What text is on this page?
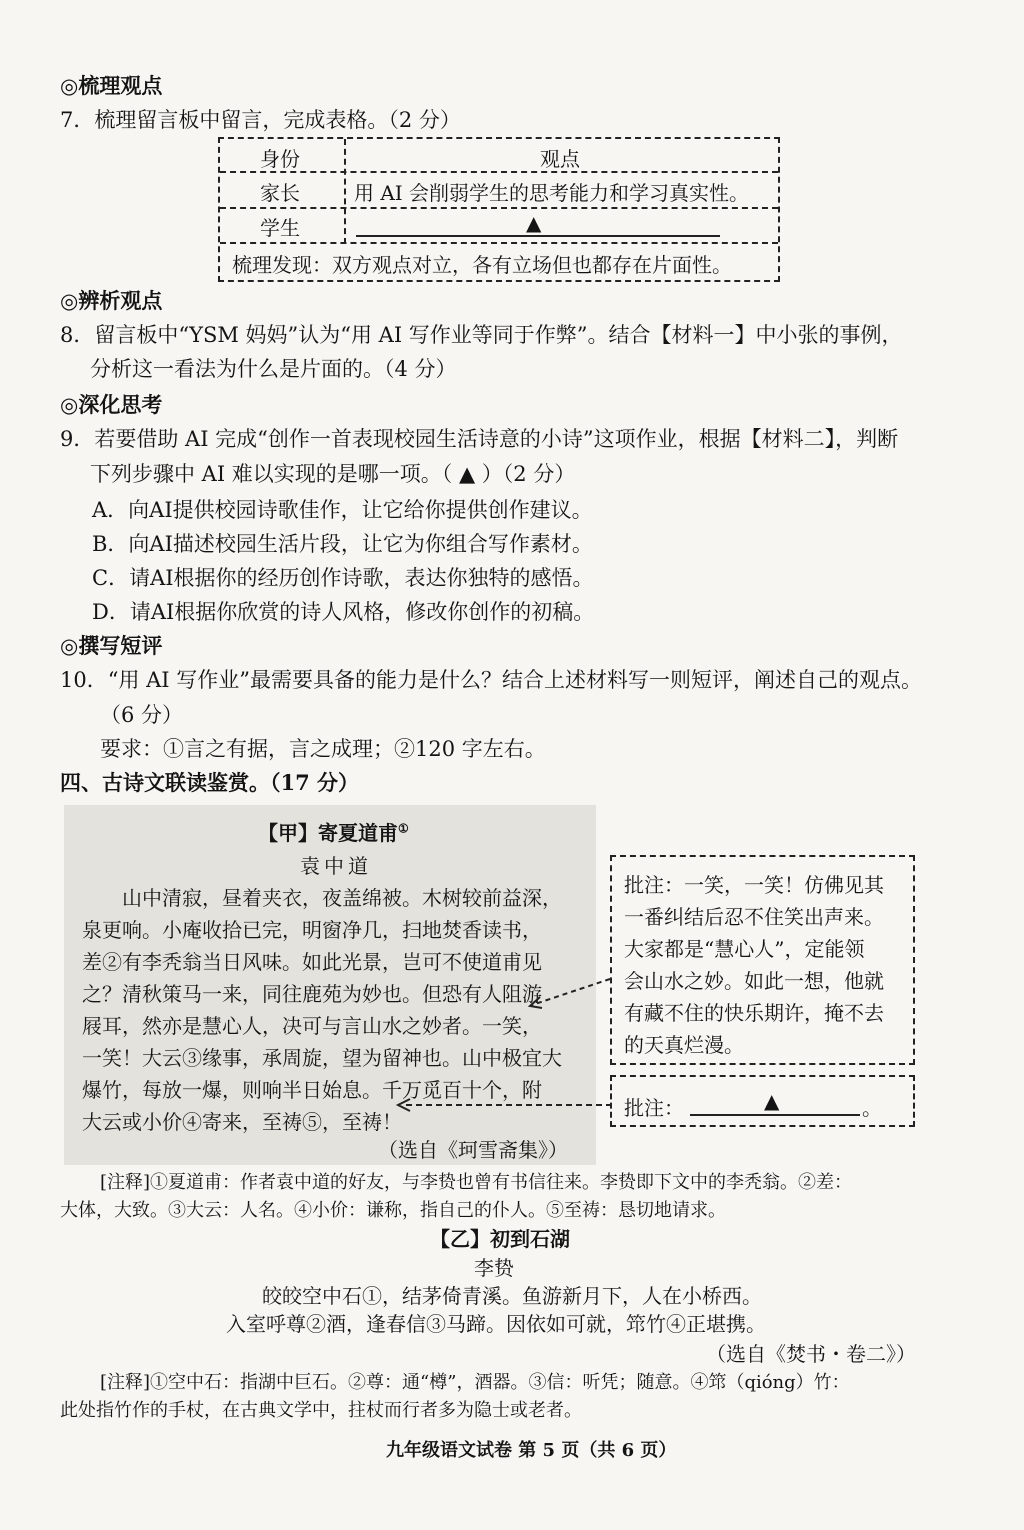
◎梳理观点
7．梳理留言板中留言，完成表格。（2 分）
身份	观点
家长	用 AI 会削弱学生的思考能力和学习真实性。
学生	▲
梳理发现：双方观点对立，各有立场但也都存在片面性。
◎辨析观点
8．留言板中“YSM 妈妈”认为“用 AI 写作业等同于作弊”。结合【材料一】中小张的事例，
分析这一看法为什么是片面的。（4 分）
◎深化思考
9．若要借助 AI 完成“创作一首表现校园生活诗意的小诗”这项作业，根据【材料二】，判断
下列步骤中 AI 难以实现的是哪一项。（ ▲ ）（2 分）
A．向AI提供校园诗歌佳作，让它给你提供创作建议。
B．向AI描述校园生活片段，让它为你组合写作素材。
C．请AI根据你的经历创作诗歌，表达你独特的感悟。
D．请AI根据你欣赏的诗人风格，修改你创作的初稿。
◎撰写短评
10．“用 AI 写作业”最需要具备的能力是什么？结合上述材料写一则短评，阐述自己的观点。
（6 分）
要求：①言之有据，言之成理；②120 字左右。
四、古诗文联读鉴赏。（17 分）
【甲】寄夏道甫①
袁中道
山中清寂，昼着夹衣，夜盖绵被。木树较前益深，
泉更响。小庵收拾已完，明窗净几，扫地焚香读书，
差②有李秃翁当日风味。如此光景，岂可不使道甫见
之？清秋策马一来，同往鹿苑为妙也。但恐有人阻游
屐耳，然亦是慧心人，决可与言山水之妙者。一笑，
一笑！大云③缘事，承周旋，望为留神也。山中极宜大
爆竹，每放一爆，则响半日始息。千万觅百十个，附
大云或小价④寄来，至祷⑤，至祷！
（选自《珂雪斋集》）
批注：一笑，一笑！仿佛见其
一番纠结后忍不住笑出声来。
大家都是“慧心人”，定能领
会山水之妙。如此一想，他就
有藏不住的快乐期许，掩不去
的天真烂漫。
批注：	▲	。
[注释]①夏道甫：作者袁中道的好友，与李贽也曾有书信往来。李贽即下文中的李秃翁。②差：
大体，大致。③大云：人名。④小价：谦称，指自己的仆人。⑤至祷：恳切地请求。
【乙】初到石湖
李贽
皎皎空中石①，结茅倚青溪。鱼游新月下，人在小桥西。
入室呼尊②酒，逢春信③马蹄。因依如可就，筇竹④正堪携。
（选自《焚书・卷二》）
[注释]①空中石：指湖中巨石。②尊：通“樽”，酒器。③信：听凭；随意。④筇（qióng）竹：
此处指竹作的手杖，在古典文学中，拄杖而行者多为隐士或老者。
九年级语文试卷 第 5 页（共 6 页）
